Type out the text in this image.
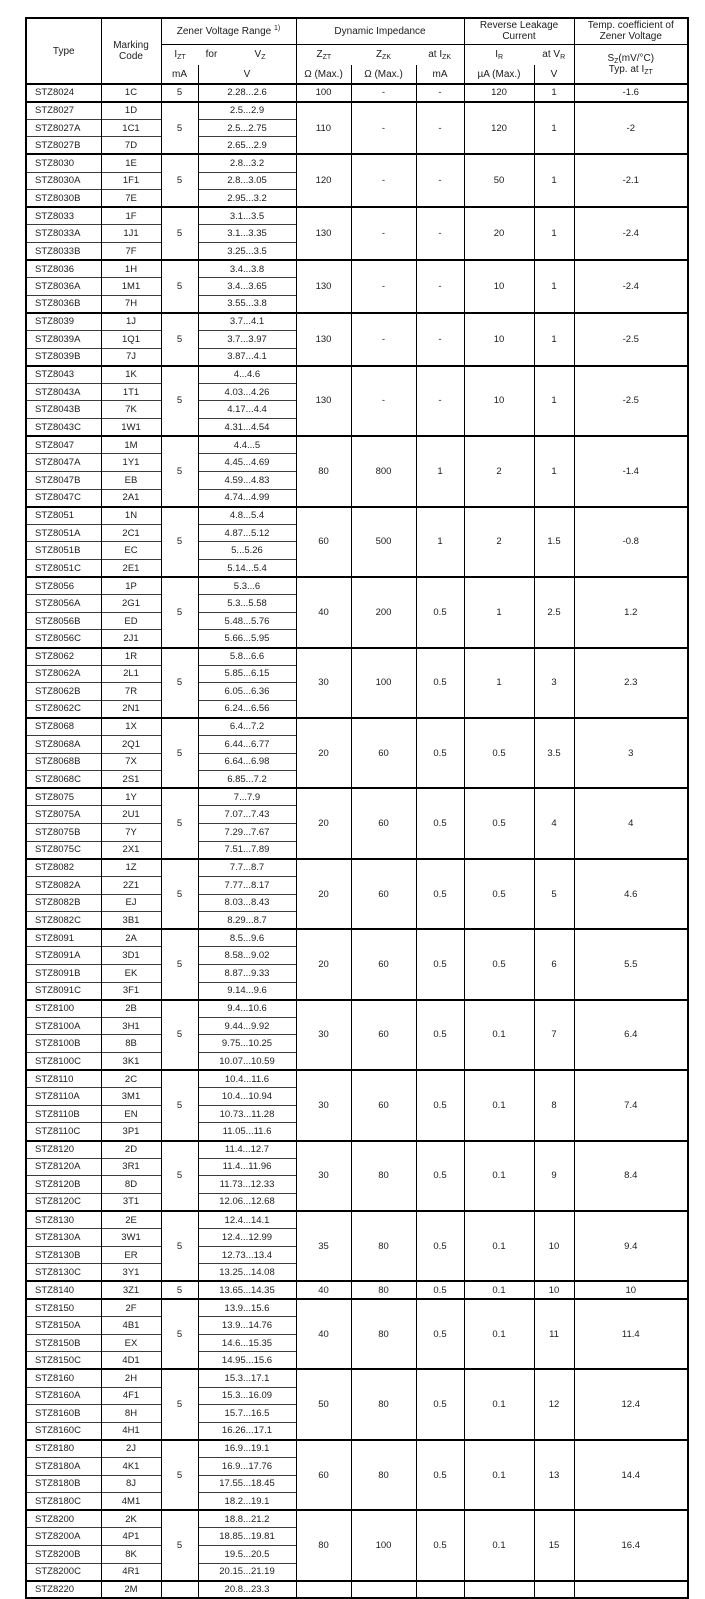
Type	Marking Code	Zener Voltage Range $^{1)}$		Dynamic Impedance			Reverse Leakage Current		Temp. coefficient of Zener Voltage

$I_{ZT}$	for	$V_Z$	$Z_{ZT}$	$Z_{ZK}$	at $I_{ZK}$	$I_R$	at $V_R$	$S_Z(mV/^\circ C)$
Typ. at $I_{ZT}$

		mA	V	Ω (Max.)	Ω (Max.)	mA	µA (Max.)	V	
STZ8024	1C	5	2.28...2.6	100	-	-	120	1	-1.6
STZ8027	1D	5	2.5...2.9	110	-	-	120	1	-2
STZ8027A	1C1		2.5...2.75						
STZ8027B	7D		2.65...2.9						
STZ8030	1E	5	2.8...3.2	120	-	-	50	1	-2.1
STZ8030A	1F1		2.8...3.05						
STZ8030B	7E		2.95...3.2						
STZ8033	1F	5	3.1...3.5	130	-	-	20	1	-2.4
STZ8033A	1J1		3.1...3.35						
STZ8033B	7F		3.25...3.5						
STZ8036	1H	5	3.4...3.8	130	-	-	10	1	-2.4
STZ8036A	1M1		3.4...3.65						
STZ8036B	7H		3.55...3.8						
STZ8039	1J	5	3.7...4.1	130	-	-	10	1	-2.5
STZ8039A	1Q1		3.7...3.97						
STZ8039B	7J		3.87...4.1						
STZ8043	1K	5	4...4.6	130	-	-	10	1	-2.5
STZ8043A	1T1		4.03...4.26						
STZ8043B	7K		4.17...4.4						
STZ8043C	1W1		4.31...4.54						
STZ8047	1M	5	4.4...5	80	800	1	2	1	-1.4
STZ8047A	1Y1		4.45...4.69						
STZ8047B	EB		4.59...4.83						
STZ8047C	2A1		4.74...4.99						
STZ8051	1N	5	4.8...5.4	60	500	1	2	1.5	-0.8
STZ8051A	2C1		4.87...5.12						
STZ8051B	EC		5...5.26						
STZ8051C	2E1		5.14...5.4						
STZ8056	1P	5	5.3...6	40	200	0.5	1	2.5	1.2
STZ8056A	2G1		5.3...5.58						
STZ8056B	ED		5.48...5.76						
STZ8056C	2J1		5.66...5.95						
STZ8062	1R	5	5.8...6.6	30	100	0.5	1	3	2.3
STZ8062A	2L1		5.85...6.15						
STZ8062B	7R		6.05...6.36						
STZ8062C	2N1		6.24...6.56						
STZ8068	1X	5	6.4...7.2	20	60	0.5	0.5	3.5	3
STZ8068A	2Q1		6.44...6.77						
STZ8068B	7X		6.64...6.98						
STZ8068C	2S1		6.85...7.2						
STZ8075	1Y	5	7...7.9	20	60	0.5	0.5	4	4
STZ8075A	2U1		7.07...7.43						
STZ8075B	7Y		7.29...7.67						
STZ8075C	2X1		7.51...7.89						
STZ8082	1Z	5	7.7...8.7	20	60	0.5	0.5	5	4.6
STZ8082A	2Z1		7.77...8.17						
STZ8082B	EJ		8.03...8.43						
STZ8082C	3B1		8.29...8.7						
STZ8091	2A	5	8.5...9.6	20	60	0.5	0.5	6	5.5
STZ8091A	3D1		8.58...9.02						
STZ8091B	EK		8.87...9.33						
STZ8091C	3F1		9.14...9.6						
STZ8100	2B	5	9.4...10.6	30	60	0.5	0.1	7	6.4
STZ8100A	3H1		9.44...9.92						
STZ8100B	8B		9.75...10.25						
STZ8100C	3K1		10.07...10.59						
STZ8110	2C	5	10.4...11.6	30	60	0.5	0.1	8	7.4
STZ8110A	3M1		10.4...10.94						
STZ8110B	EN		10.73...11.28						
STZ8110C	3P1		11.05...11.6						
STZ8120	2D	5	11.4...12.7	30	80	0.5	0.1	9	8.4
STZ8120A	3R1		11.4...11.96						
STZ8120B	8D		11.73...12.33						
STZ8120C	3T1		12.06...12.68						
STZ8130	2E	5	12.4...14.1	35	80	0.5	0.1	10	9.4
STZ8130A	3W1		12.4...12.99						
STZ8130B	ER		12.73...13.4						
STZ8130C	3Y1		13.25...14.08						
STZ8140	3Z1	5	13.65...14.35	40	80	0.5	0.1	10	10
STZ8150	2F	5	13.9...15.6	40	80	0.5	0.1	11	11.4
STZ8150A	4B1		13.9...14.76						
STZ8150B	EX		14.6...15.35						
STZ8150C	4D1		14.95...15.6						
STZ8160	2H	5	15.3...17.1	50	80	0.5	0.1	12	12.4
STZ8160A	4F1		15.3...16.09						
STZ8160B	8H		15.7...16.5						
STZ8160C	4H1		16.26...17.1						
STZ8180	2J	5	16.9...19.1	60	80	0.5	0.1	13	14.4
STZ8180A	4K1		16.9...17.76						
STZ8180B	8J		17.55...18.45						
STZ8180C	4M1		18.2...19.1						
STZ8200	2K	5	18.8...21.2	80	100	0.5	0.1	15	16.4
STZ8200A	4P1		18.85...19.81						
STZ8200B	8K		19.5...20.5						
STZ8200C	4R1		20.15...21.19						
STZ8220	2M		20.8...23.3						
